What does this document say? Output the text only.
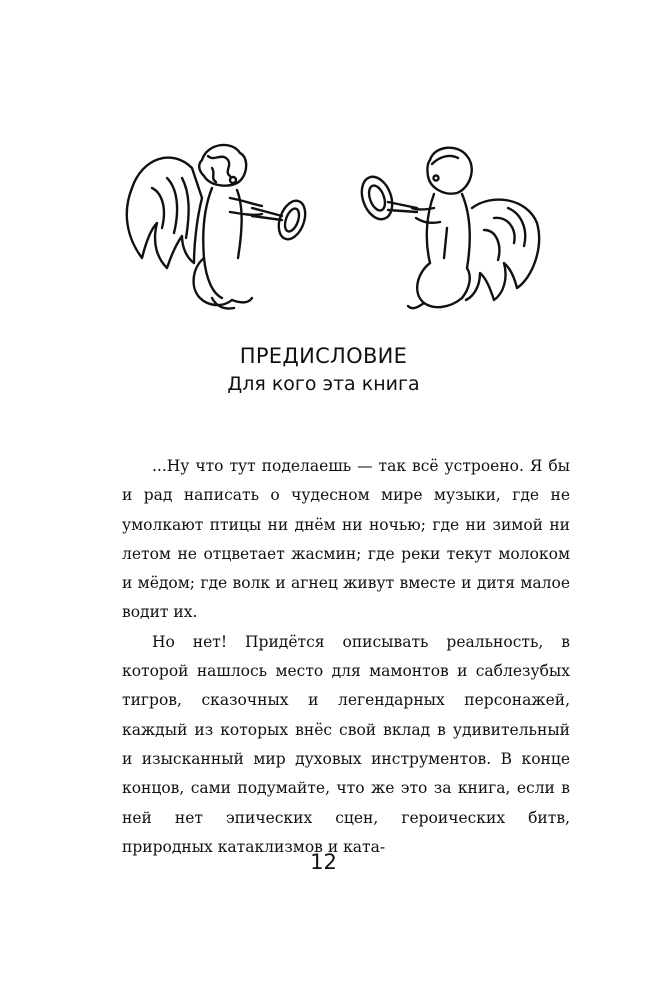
ПРЕДИСЛОВИЕ
Для кого эта книга

...Ну что тут поделаешь — так всё устроено. Я бы и рад написать о чудесном мире музыки, где не умолкают птицы ни днём ни ночью; где ни зимой ни летом не отцветает жасмин; где реки текут молоком и мёдом; где волк и агнец живут вместе и дитя малое водит их.

Но нет! Придётся описывать реальность, в которой нашлось место для мамонтов и саблезубых тигров, сказочных и легендарных персонажей, каждый из которых внёс свой вклад в удивительный и изысканный мир духовых инструментов. В конце концов, сами подумайте, что же это за книга, если в ней нет эпических сцен, героических битв, природных катаклизмов и ката-

12
